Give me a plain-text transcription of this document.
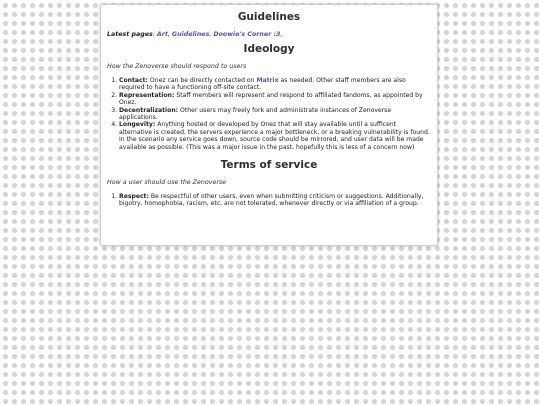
Guidelines

Latest pages: Art, Guidelines, Doowie's Corner :3,

Ideology

How the Zenoverse should respond to users

1. Contact: Onez can be directly contacted on Matrix as needed. Other staff members are also required to have a functioning off-site contact.
2. Representation: Staff members will represent and respond to affiliated fandoms, as appointed by Onez.
3. Decentralization: Other users may freely fork and administrate instances of Zenoverse applications.
4. Longevity: Anything hosted or developed by Onez that will stay available until a sufficent alternative is created, the servers experience a major bottleneck, or a breaking vulnerability is found. In the scenario any service goes down, source code should be mirrored, and user data will be made available as possible. (This was a major issue in the past, hopefully this is less of a concern now)
Terms of service

How a user should use the Zenoverse

1. Respect: Be respectful of other users, even when submitting criticism or suggestions. Additionally, bigotry, homophobia, racism, etc. are not tolerated, whenever directly or via affiliation of a group.
